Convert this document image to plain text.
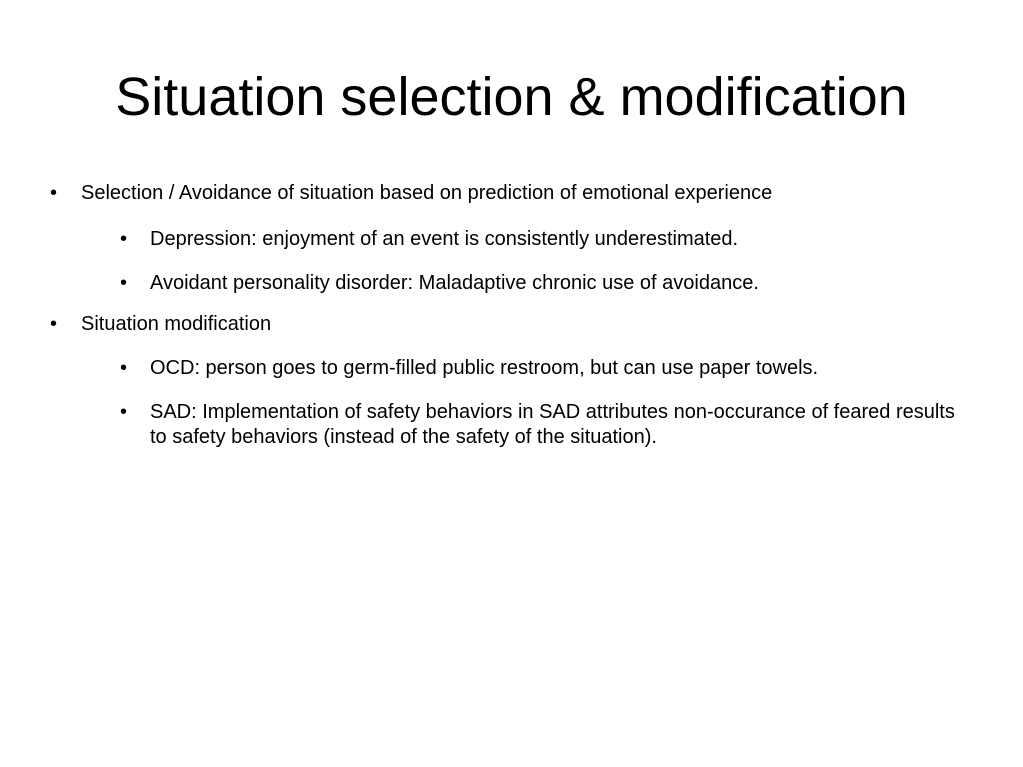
Situation selection & modification
• Selection / Avoidance of situation based on prediction of emotional experience
• Depression: enjoyment of an event is consistently underestimated.
• Avoidant personality disorder: Maladaptive chronic use of avoidance.
• Situation modification
• OCD: person goes to germ-filled public restroom, but can use paper towels.
• SAD: Implementation of safety behaviors in SAD attributes non-occurance of feared results to safety behaviors (instead of the safety of the situation).
